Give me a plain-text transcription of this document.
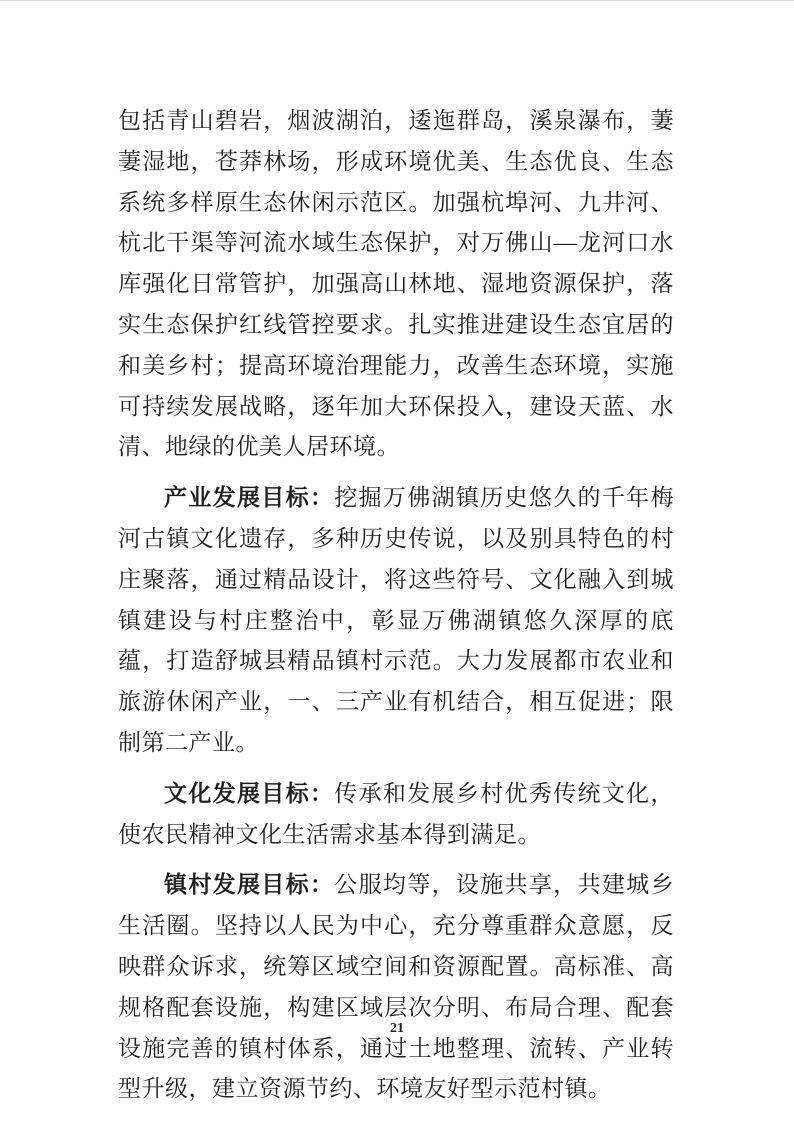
包括青山碧岩，烟波湖泊，逶迤群岛，溪泉瀑布，萋萋湿地，苍莽林场，形成环境优美、生态优良、生态系统多样原生态休闲示范区。加强杭埠河、九井河、杭北干渠等河流水域生态保护，对万佛山—龙河口水库强化日常管护，加强高山林地、湿地资源保护，落实生态保护红线管控要求。扎实推进建设生态宜居的和美乡村；提高环境治理能力，改善生态环境，实施可持续发展战略，逐年加大环保投入，建设天蓝、水清、地绿的优美人居环境。

产业发展目标：挖掘万佛湖镇历史悠久的千年梅河古镇文化遗存，多种历史传说，以及别具特色的村庄聚落，通过精品设计，将这些符号、文化融入到城镇建设与村庄整治中，彰显万佛湖镇悠久深厚的底蕴，打造舒城县精品镇村示范。大力发展都市农业和旅游休闲产业，一、三产业有机结合，相互促进；限制第二产业。

文化发展目标：传承和发展乡村优秀传统文化，使农民精神文化生活需求基本得到满足。

镇村发展目标：公服均等，设施共享，共建城乡生活圈。坚持以人民为中心，充分尊重群众意愿，反映群众诉求，统筹区域空间和资源配置。高标准、高规格配套设施，构建区域层次分明、布局合理、配套设施完善的镇村体系，通过土地整理、流转、产业转型升级，建立资源节约、环境友好型示范村镇。

21
